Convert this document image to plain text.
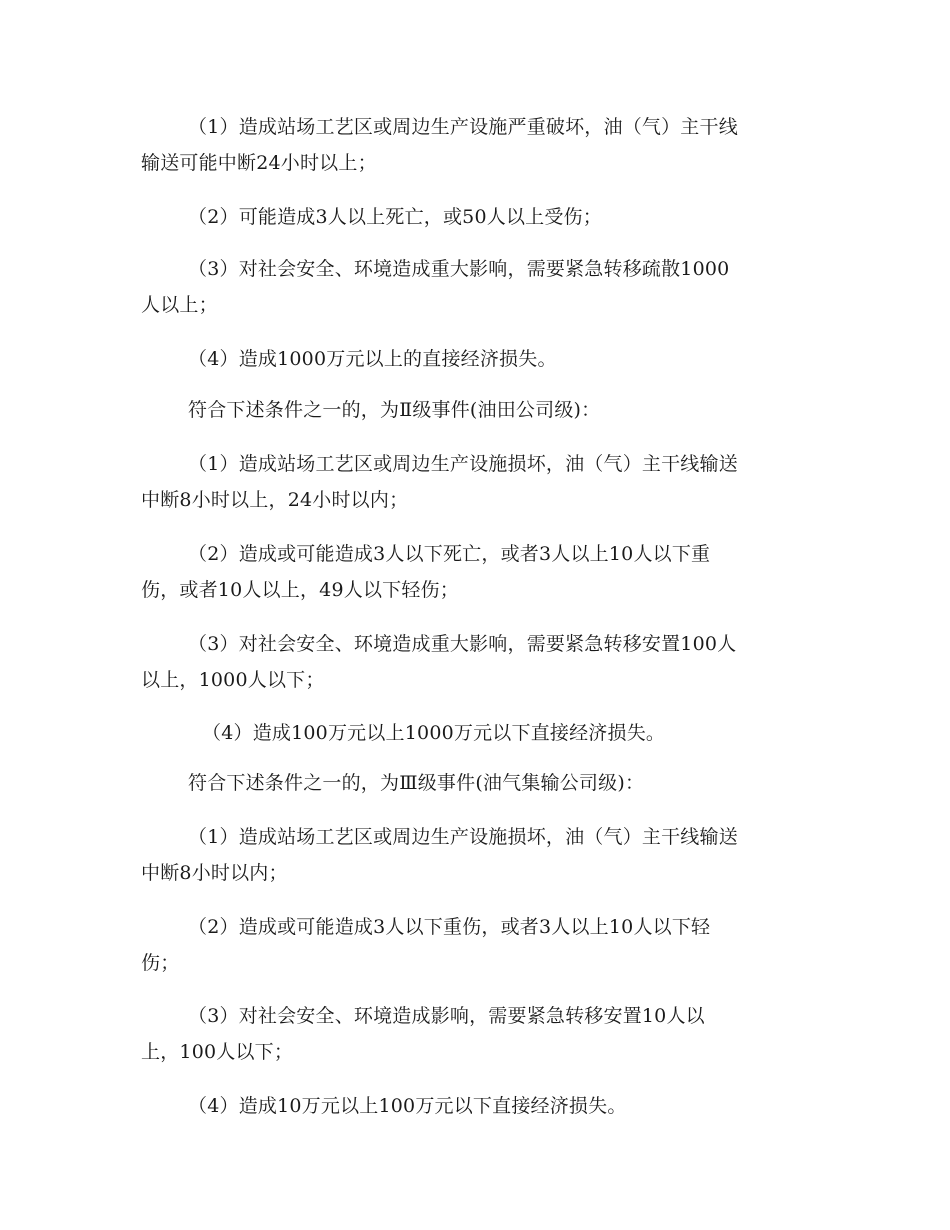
（1）造成站场工艺区或周边生产设施严重破坏，油（气）主干线
输送可能中断24小时以上；
（2）可能造成3人以上死亡，或50人以上受伤；
（3）对社会安全、环境造成重大影响，需要紧急转移疏散1000
人以上；
（4）造成1000万元以上的直接经济损失。
符合下述条件之一的，为Ⅱ级事件(油田公司级)：
（1）造成站场工艺区或周边生产设施损坏，油（气）主干线输送
中断8小时以上，24小时以内；
（2）造成或可能造成3人以下死亡，或者3人以上10人以下重
伤，或者10人以上，49人以下轻伤；
（3）对社会安全、环境造成重大影响，需要紧急转移安置100人
以上，1000人以下；
（4）造成100万元以上1000万元以下直接经济损失。
符合下述条件之一的，为Ⅲ级事件(油气集输公司级)：
（1）造成站场工艺区或周边生产设施损坏，油（气）主干线输送
中断8小时以内；
（2）造成或可能造成3人以下重伤，或者3人以上10人以下轻
伤；
（3）对社会安全、环境造成影响，需要紧急转移安置10人以
上，100人以下；
（4）造成10万元以上100万元以下直接经济损失。
